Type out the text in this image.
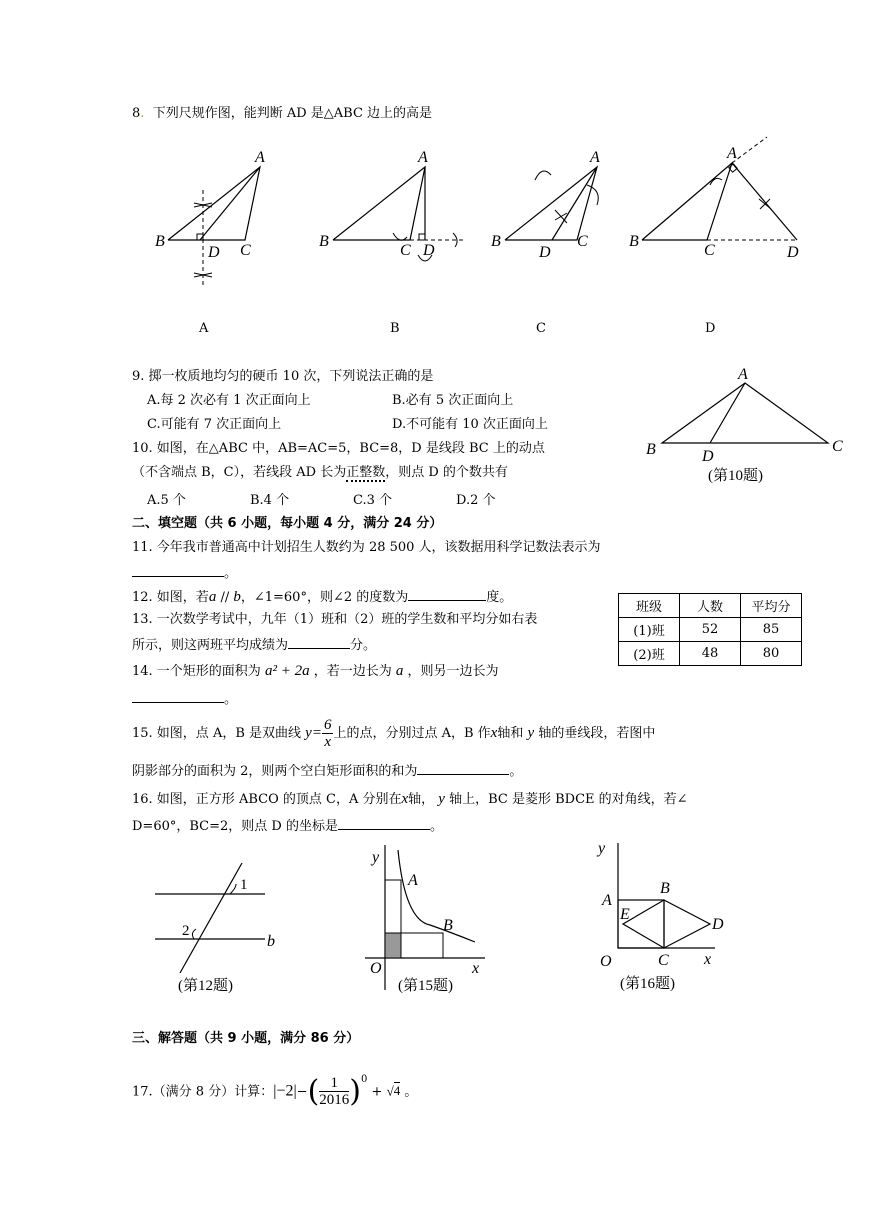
8. 下列尺规作图，能判断 AD 是△ABC 边上的高是
B
A
C
D
B
A
C D
B
A
C
D
B
A
C	D
A	B	C	D
9. 掷一枚质地均匀的硬币 10 次，下列说法正确的是
A.每 2 次必有 1 次正面向上	B.必有 5 次正面向上
C.可能有 7 次正面向上	D.不可能有 10 次正面向上
10. 如图，在△ABC 中，AB=AC=5，BC=8，D 是线段 BC 上的动点
（不含端点 B，C），若线段 AD 长为正整数，则点 D 的个数共有
A.5 个	B.4 个	C.3 个	D.2 个
A
B	C
D
(第10题)
二、填空题（共 6 小题，每小题 4 分，满分 24 分）
11. 今年我市普通高中计划招生人数约为 28 500 人，该数据用科学记数法表示为
。
12. 如图，若a // b，∠1=60°，则∠2 的度数为	度。
13. 一次数学考试中，九年（1）班和（2）班的学生数和平均分如右表
所示，则这两班平均成绩为	分。
班级	人数	平均分
(1)班	52	85
(2)班	48	80
14. 一个矩形的面积为 a² + 2a ，若一边长为 a ，则另一边长为
。
15. 如图，点 A，B 是双曲线 $y= \frac{6}{x}$ 上的点，分别过点 A，B 作x轴和 y 轴的垂线段，若图中
阴影部分的面积为 2，则两个空白矩形面积的和为	。
16. 如图，正方形 ABCO 的顶点 C，A 分别在x轴， y 轴上，BC 是菱形 BDCE 的对角线，若∠
D=60°，BC=2，则点 D 的坐标是	。
1
2
b
(第12题)
y
x
O
A
B
(第15题)
y
x
O
A
B
C
D
E
(第16题)
三、解答题（共 9 小题，满分 86 分）
17.（满分 8 分）计算：$|-2|-( \frac{1}{2016} )^0 + √4$ 。
